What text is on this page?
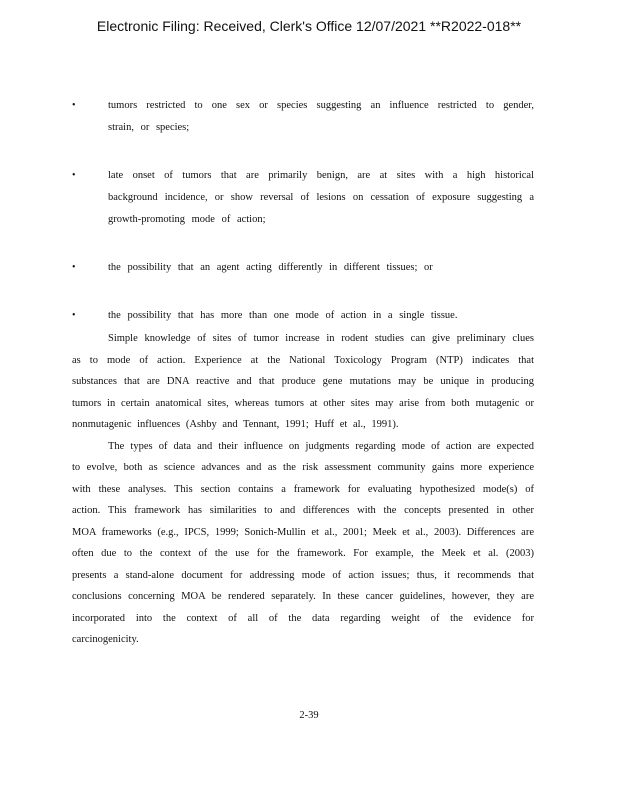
Electronic Filing: Received, Clerk's Office 12/07/2021 **R2022-018**
•	tumors restricted to one sex or species suggesting an influence restricted to gender, strain, or species;
•	late onset of tumors that are primarily benign, are at sites with a high historical background incidence, or show reversal of lesions on cessation of exposure suggesting a growth-promoting mode of action;
•	the possibility that an agent acting differently in different tissues; or
•	the possibility that has more than one mode of action in a single tissue.

Simple knowledge of sites of tumor increase in rodent studies can give preliminary clues as to mode of action. Experience at the National Toxicology Program (NTP) indicates that substances that are DNA reactive and that produce gene mutations may be unique in producing tumors in certain anatomical sites, whereas tumors at other sites may arise from both mutagenic or nonmutagenic influences (Ashby and Tennant, 1991; Huff et al., 1991).

The types of data and their influence on judgments regarding mode of action are expected to evolve, both as science advances and as the risk assessment community gains more experience with these analyses. This section contains a framework for evaluating hypothesized mode(s) of action. This framework has similarities to and differences with the concepts presented in other MOA frameworks (e.g., IPCS, 1999; Sonich-Mullin et al., 2001; Meek et al., 2003). Differences are often due to the context of the use for the framework. For example, the Meek et al. (2003) presents a stand-alone document for addressing mode of action issues; thus, it recommends that conclusions concerning MOA be rendered separately. In these cancer guidelines, however, they are incorporated into the context of all of the data regarding weight of the evidence for carcinogenicity.

2-39
